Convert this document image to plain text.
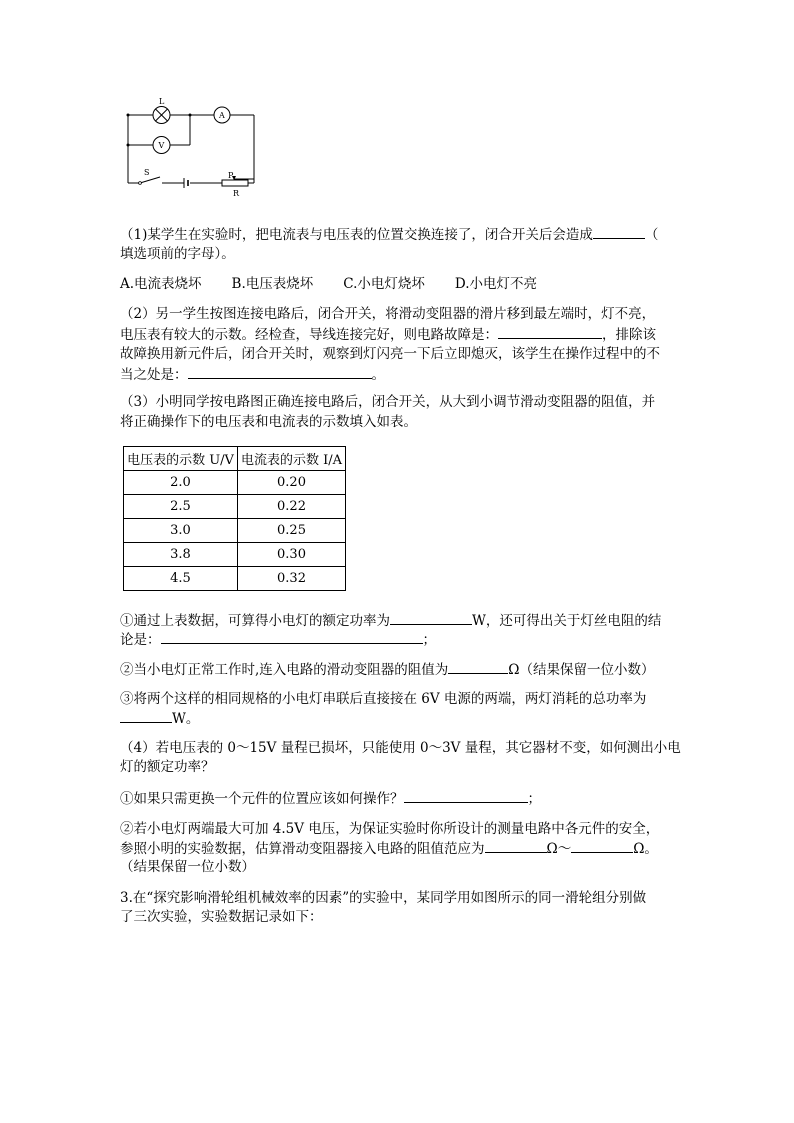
L
A
V
S	P
R
（1)某学生在实验时，把电流表与电压表的位置交换连接了，闭合开关后会造成	（
填选项前的字母）。
A.电流表烧坏 B.电压表烧坏 C.小电灯烧坏 D.小电灯不亮
（2）另一学生按图连接电路后，闭合开关，将滑动变阻器的滑片移到最左端时，灯不亮，
电压表有较大的示数。经检查，导线连接完好，则电路故障是：	，排除该
故障换用新元件后，闭合开关时，观察到灯闪亮一下后立即熄灭，该学生在操作过程中的不
当之处是：	。
（3）小明同学按电路图正确连接电路后，闭合开关，从大到小调节滑动变阻器的阻值，并
将正确操作下的电压表和电流表的示数填入如表。
电压表的示数 U/V	电流表的示数 I/A
2.0	0.20
2.5	0.22
3.0	0.25
3.8	0.30
4.5	0.32
①通过上表数据，可算得小电灯的额定功率为	W，还可得出关于灯丝电阻的结
论是：	；
②当小电灯正常工作时,连入电路的滑动变阻器的阻值为	Ω（结果保留一位小数）
③将两个这样的相同规格的小电灯串联后直接接在 6V 电源的两端，两灯消耗的总功率为
W。
（4）若电压表的 0～15V 量程已损坏，只能使用 0～3V 量程，其它器材不变，如何测出小电
灯的额定功率？
①如果只需更换一个元件的位置应该如何操作？	；
②若小电灯两端最大可加 4.5V 电压，为保证实验时你所设计的测量电路中各元件的安全，
参照小明的实验数据，估算滑动变阻器接入电路的阻值范应为	Ω～	Ω。
（结果保留一位小数）
3.在“探究影响滑轮组机械效率的因素”的实验中，某同学用如图所示的同一滑轮组分别做
了三次实验，实验数据记录如下：
